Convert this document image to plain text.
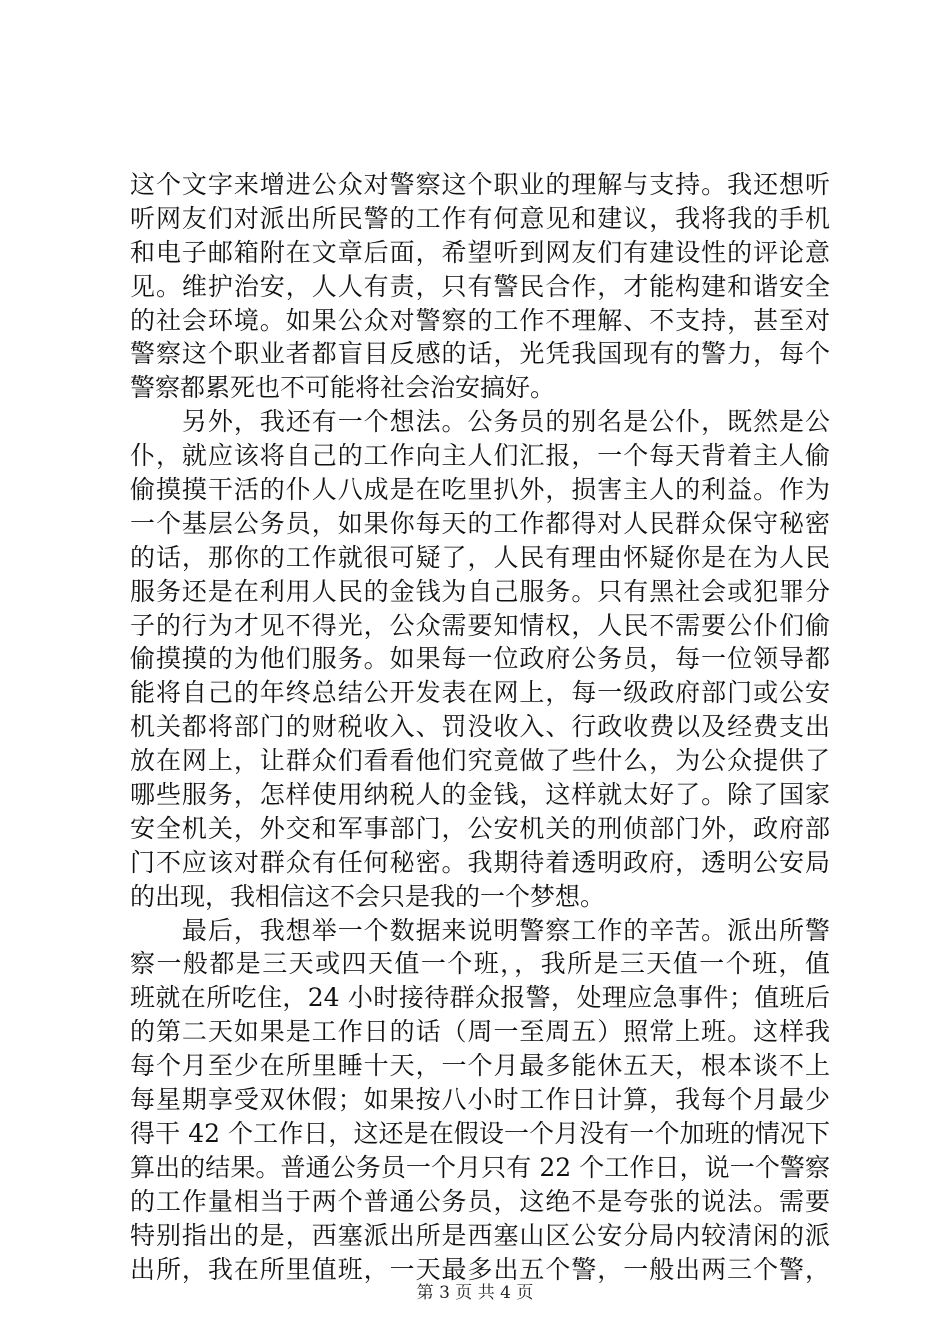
这个文字来增进公众对警察这个职业的理解与支持。我还想听
听网友们对派出所民警的工作有何意见和建议，我将我的手机
和电子邮箱附在文章后面，希望听到网友们有建设性的评论意
见。维护治安，人人有责，只有警民合作，才能构建和谐安全
的社会环境。如果公众对警察的工作不理解、不支持，甚至对
警察这个职业者都盲目反感的话，光凭我国现有的警力，每个
警察都累死也不可能将社会治安搞好。
　　另外，我还有一个想法。公务员的别名是公仆，既然是公
仆，就应该将自己的工作向主人们汇报，一个每天背着主人偷
偷摸摸干活的仆人八成是在吃里扒外，损害主人的利益。作为
一个基层公务员，如果你每天的工作都得对人民群众保守秘密
的话，那你的工作就很可疑了，人民有理由怀疑你是在为人民
服务还是在利用人民的金钱为自己服务。只有黑社会或犯罪分
子的行为才见不得光，公众需要知情权，人民不需要公仆们偷
偷摸摸的为他们服务。如果每一位政府公务员，每一位领导都
能将自己的年终总结公开发表在网上，每一级政府部门或公安
机关都将部门的财税收入、罚没收入、行政收费以及经费支出
放在网上，让群众们看看他们究竟做了些什么，为公众提供了
哪些服务，怎样使用纳税人的金钱，这样就太好了。除了国家
安全机关，外交和军事部门，公安机关的刑侦部门外，政府部
门不应该对群众有任何秘密。我期待着透明政府，透明公安局
的出现，我相信这不会只是我的一个梦想。
　　最后，我想举一个数据来说明警察工作的辛苦。派出所警
察一般都是三天或四天值一个班，，我所是三天值一个班，值
班就在所吃住，24 小时接待群众报警，处理应急事件；值班后
的第二天如果是工作日的话（周一至周五）照常上班。这样我
每个月至少在所里睡十天，一个月最多能休五天，根本谈不上
每星期享受双休假；如果按八小时工作日计算，我每个月最少
得干 42 个工作日，这还是在假设一个月没有一个加班的情况下
算出的结果。普通公务员一个月只有 22 个工作日，说一个警察
的工作量相当于两个普通公务员，这绝不是夸张的说法。需要
特别指出的是，西塞派出所是西塞山区公安分局内较清闲的派
出所，我在所里值班，一天最多出五个警，一般出两三个警，
第 3 页 共 4 页
